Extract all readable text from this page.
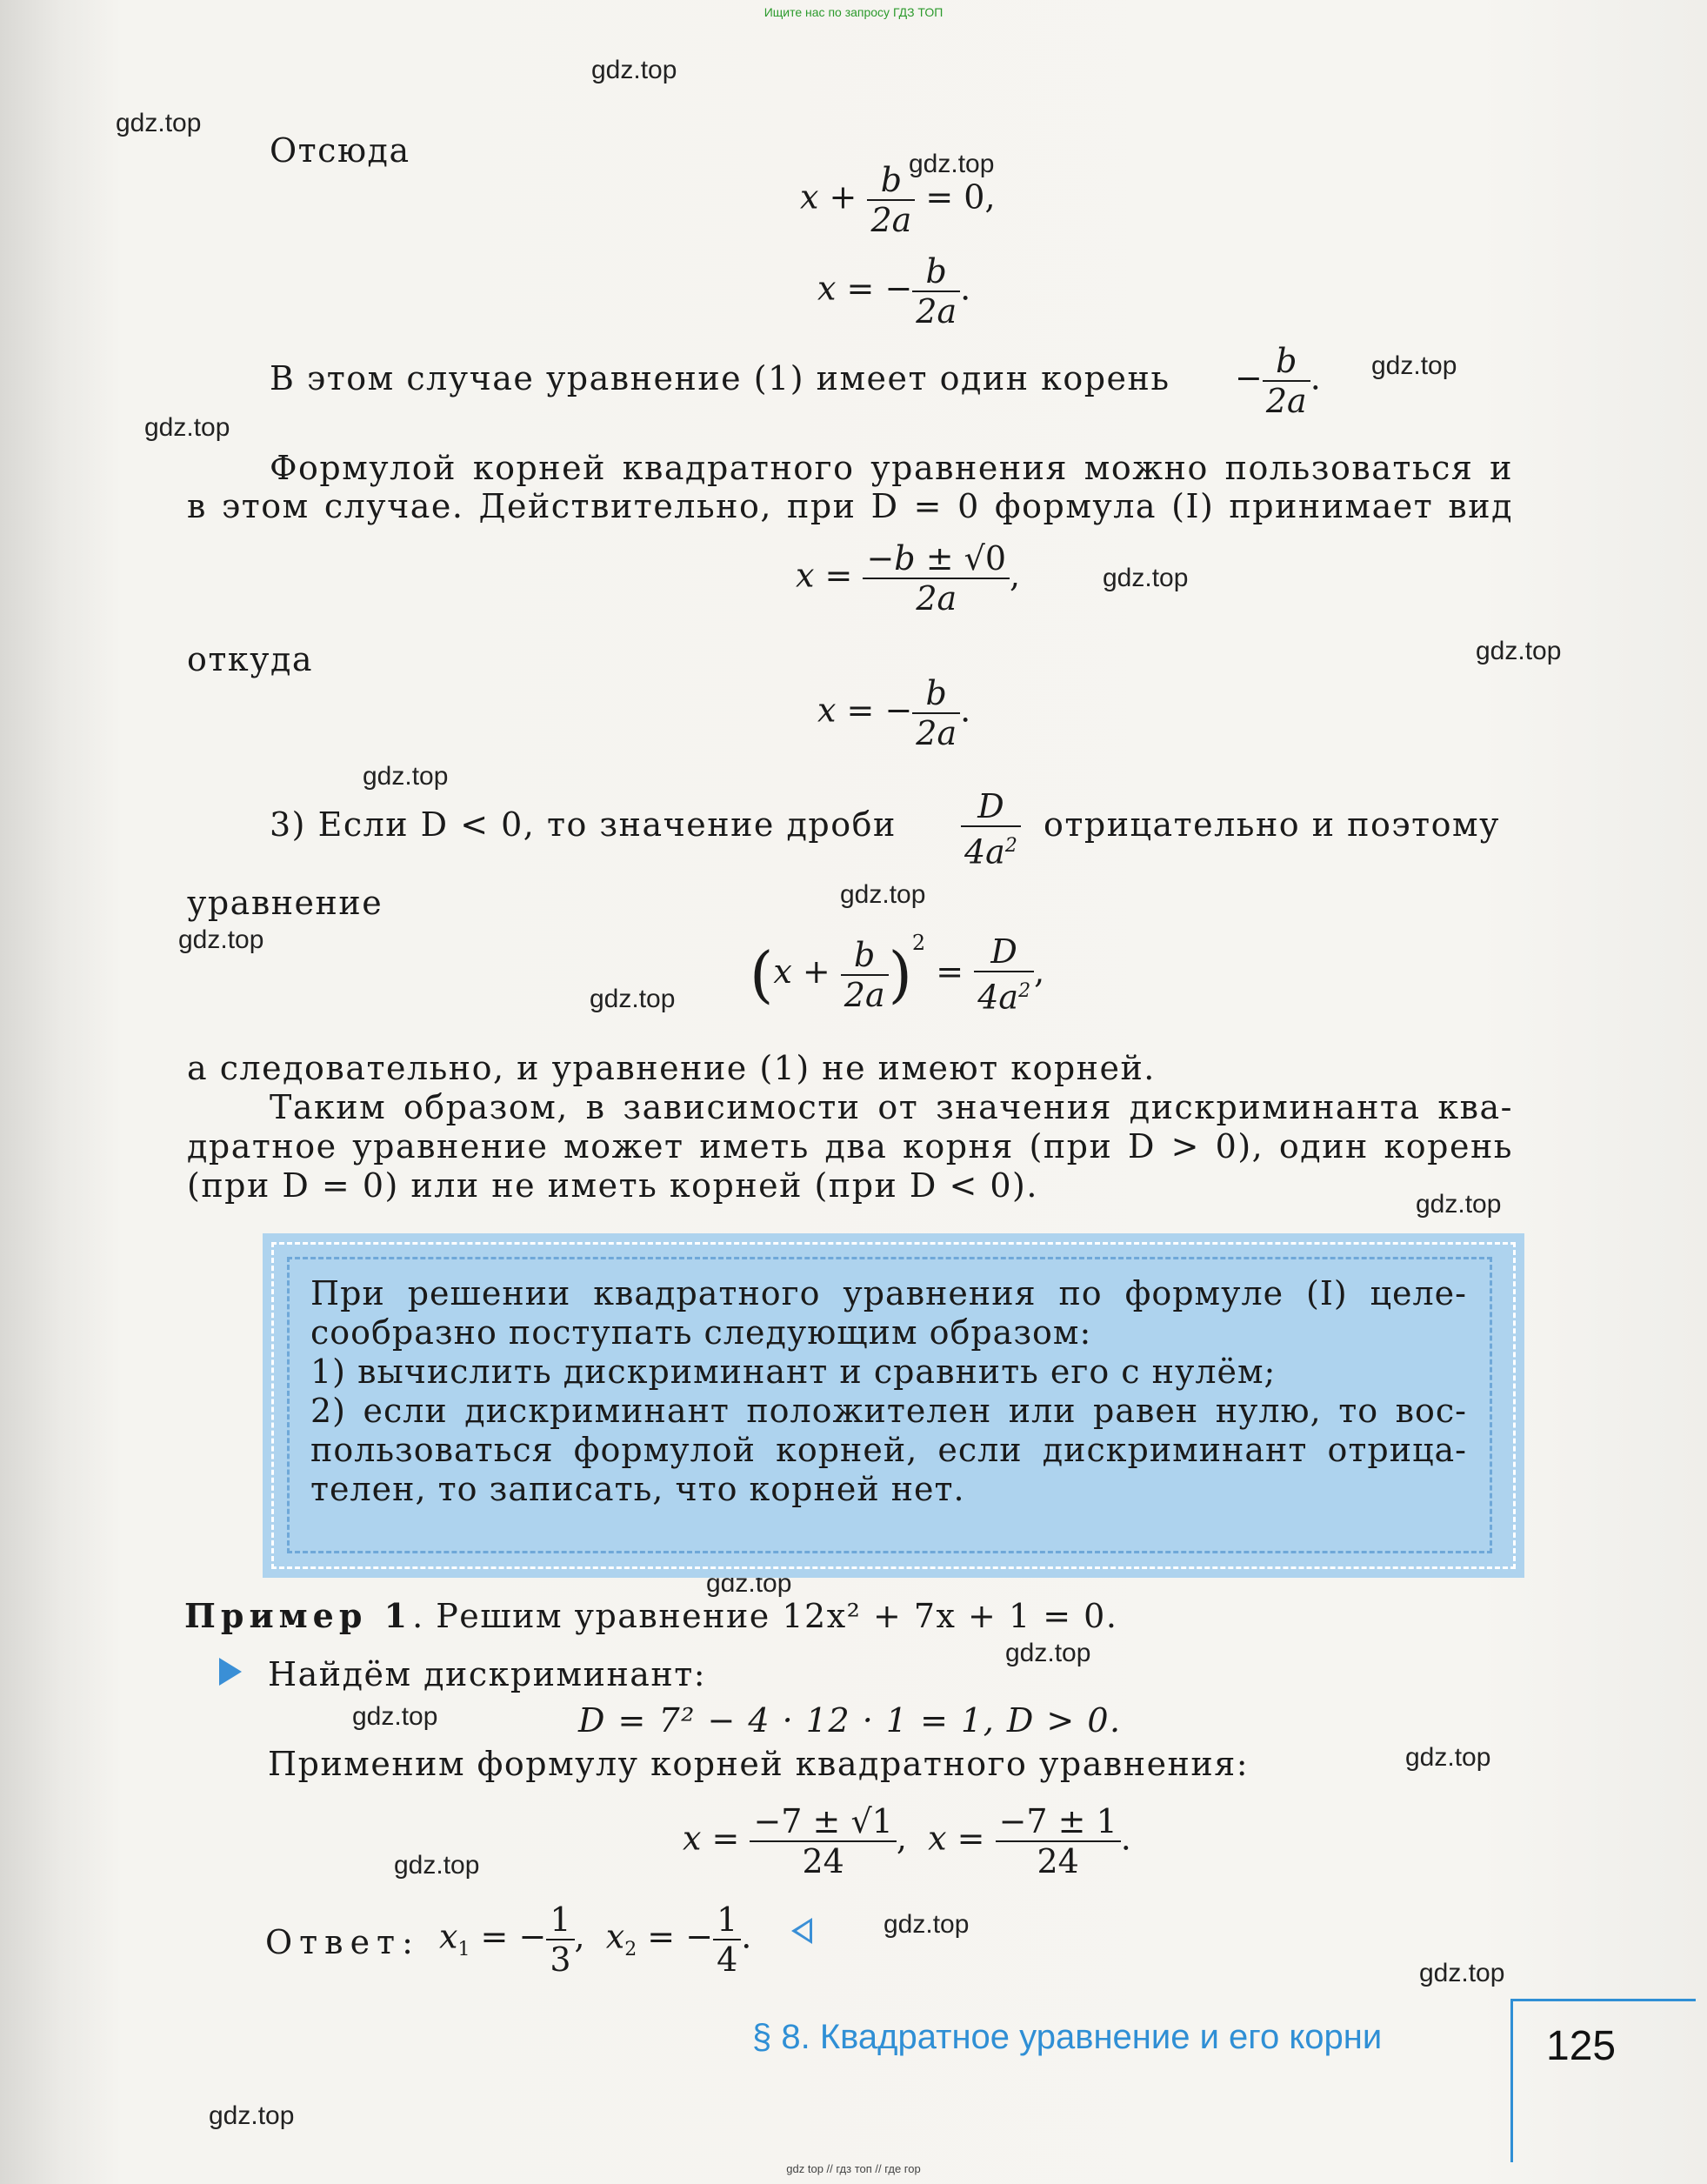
Ищите нас по запросу ГДЗ ТОП
gdz.top
gdz.top
gdz.top
gdz.top
gdz.top
gdz.top
gdz.top
gdz.top
gdz.top
gdz.top
gdz.top
gdz.top
gdz.top
gdz.top
gdz.top
gdz.top
gdz.top
gdz.top
gdz.top
gdz.top
Отсюда
$x + \frac{b}{2a} = 0$,
x = − $\frac{b}{2a}$ .
В этом случае уравнение (1) имеет один корень − $\frac{b}{2a}$ .
Формулой корней квадратного уравнения можно пользоваться и
в этом случае. Действительно, при D = 0 формула (I) принимает вид
$x = \frac{-b \pm √0}{2a}$ ,
откуда
x = − $\frac{b}{2a}$ .
3) Если D < 0, то значение дроби $\frac{D}{4a^2}$ отрицательно и поэтому
уравнение
$(x + \frac{b}{2a} )^2 = \frac{D}{4a^2}$ ,
а следовательно, и уравнение (1) не имеют корней.
Таким образом, в зависимости от значения дискриминанта ква-
дратное уравнение может иметь два корня (при D > 0), один корень
(при D = 0) или не иметь корней (при D < 0).
При решении квадратного уравнения по формуле (I) целе-
сообразно поступать следующим образом:
1) вычислить дискриминант и сравнить его с нулём;
2) если дискриминант положителен или равен нулю, то вос-
пользоваться формулой корней, если дискриминант отрица-
телен, то записать, что корней нет.
Пример 1. Решим уравнение 12x² + 7x + 1 = 0.
Найдём дискриминант:
D = 7² − 4 · 12 · 1 = 1, D > 0.
Применим формулу корней квадратного уравнения:
$x = \frac{-7 \pm √1}{24}$ ,  $x = \frac{-7 \pm 1}{24}$ .
Ответ: $x_1$ = − $\frac{1}{3}$ ,  $x_2$ = − $\frac{1}{4}$ .
§ 8. Квадратное уравнение и его корни	125
gdz top // гдз топ // где гор
